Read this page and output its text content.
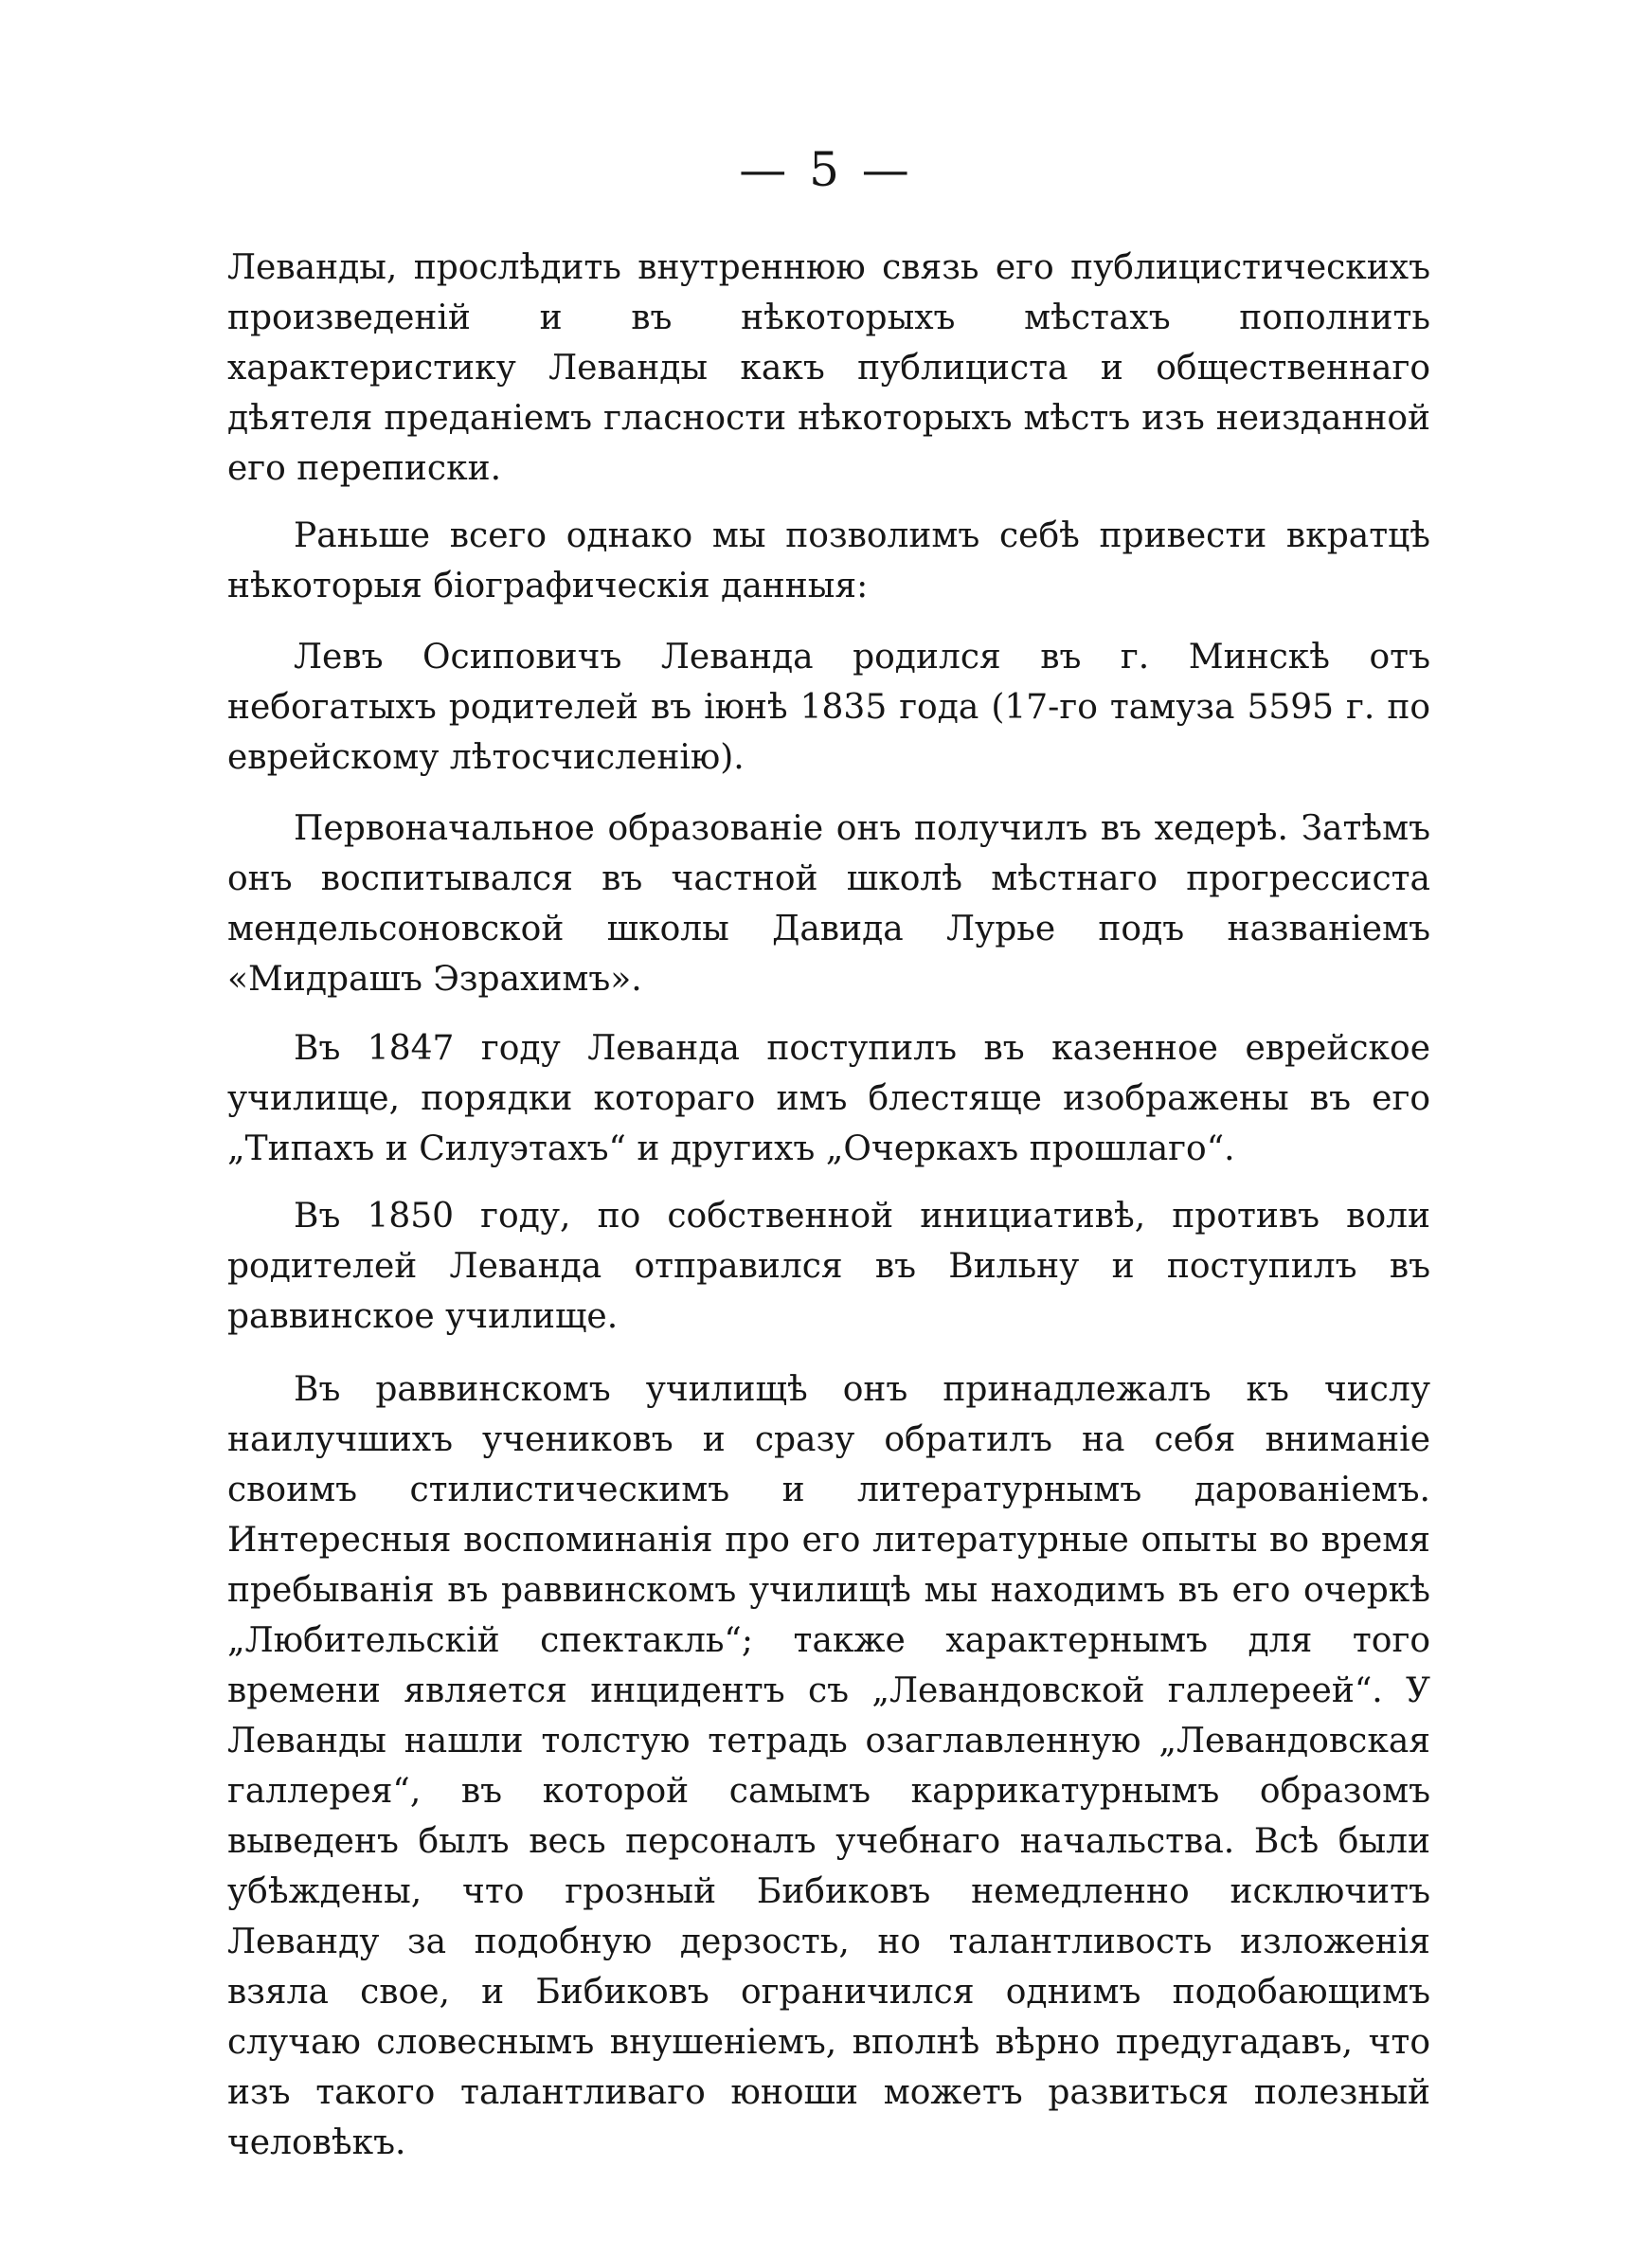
— 5 —

Леванды, прослѣдить внутреннюю связь его публицистическихъ произведеній и въ нѣкоторыхъ мѣстахъ пополнить характеристику Леванды какъ публициста и общественнаго дѣятеля преданіемъ гласности нѣкоторыхъ мѣстъ изъ неизданной его переписки.

Раньше всего однако мы позволимъ себѣ привести вкратцѣ нѣкоторыя біографическія данныя:

Левъ Осиповичъ Леванда родился въ г. Минскѣ отъ небогатыхъ родителей въ іюнѣ 1835 года (17-го тамуза 5595 г. по еврейскому лѣтосчисленію).

Первоначальное образованіе онъ получилъ въ хедерѣ. Затѣмъ онъ воспитывался въ частной школѣ мѣстнаго прогрессиста мендельсоновской школы Давида Лурье подъ названіемъ «Мидрашъ Эзрахимъ».

Въ 1847 году Леванда поступилъ въ казенное еврейское училище, порядки котораго имъ блестяще изображены въ его „Типахъ и Силуэтахъ“ и другихъ „Очеркахъ прошлаго“.

Въ 1850 году, по собственной инициативѣ, противъ воли родителей Леванда отправился въ Вильну и поступилъ въ раввинское училище.

Въ раввинскомъ училищѣ онъ принадлежалъ къ числу наилучшихъ учениковъ и сразу обратилъ на себя вниманіе своимъ стилистическимъ и литературнымъ дарованіемъ. Интересныя воспоминанія про его литературные опыты во время пребыванія въ раввинскомъ училищѣ мы находимъ въ его очеркѣ „Любительскій спектакль“; также характернымъ для того времени является инцидентъ съ „Левандовской галлереей“. У Леванды нашли толстую тетрадь озаглавленную „Левандовская галлерея“, въ которой самымъ каррикатурнымъ образомъ выведенъ былъ весь персоналъ учебнаго начальства. Всѣ были убѣждены, что грозный Бибиковъ немедленно исключитъ Леванду за подобную дерзость, но талантливость изложенія взяла свое, и Бибиковъ ограничился однимъ подобающимъ случаю словеснымъ внушеніемъ, вполнѣ вѣрно предугадавъ, что изъ такого талантливаго юноши можетъ развиться полезный человѣкъ.
